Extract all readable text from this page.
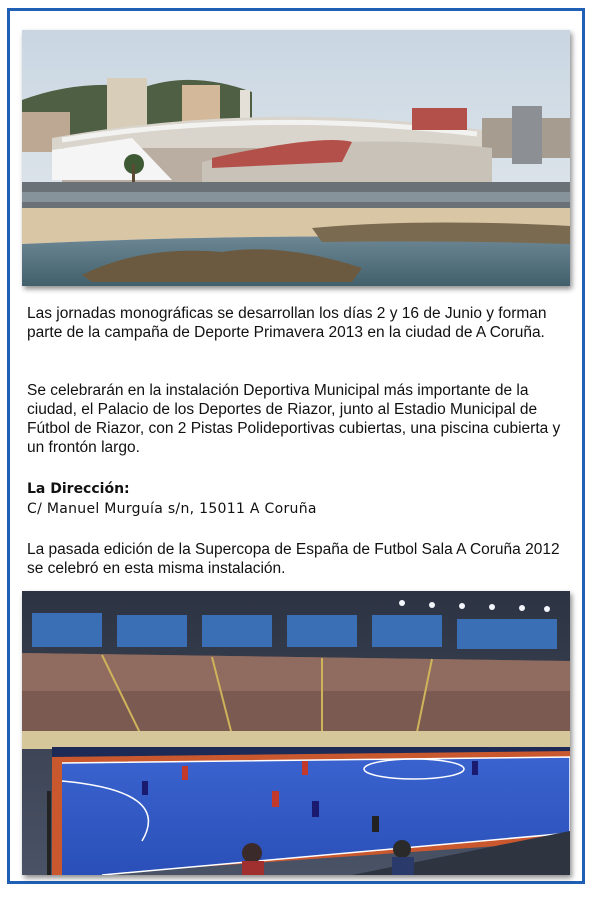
Las jornadas monográficas se desarrollan los días 2 y 16 de Junio y forman parte de la campaña de Deporte Primavera 2013 en la ciudad de A Coruña.
Se celebrarán en la instalación Deportiva Municipal más importante de la ciudad, el Palacio de los Deportes de Riazor, junto al Estadio Municipal de Fútbol de Riazor, con 2 Pistas Polideportivas cubiertas, una piscina cubierta y un frontón largo.
La Dirección:
C/ Manuel Murguía s/n, 15011 A Coruña
La pasada edición de la Supercopa de España de Futbol Sala A Coruña 2012 se celebró en esta misma instalación.
